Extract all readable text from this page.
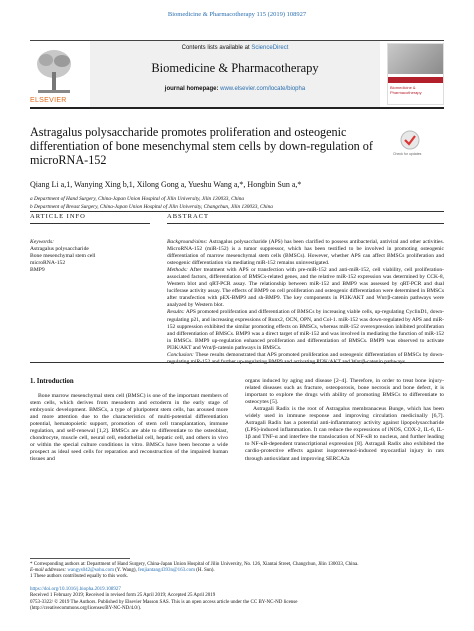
Biomedicine & Pharmacotherapy 115 (2019) 108927
ELSEVIER
Contents lists available at ScienceDirect
Biomedicine & Pharmacotherapy
journal homepage: www.elsevier.com/locate/biopha	Biomedicine & Pharmacotherapy
Astragalus polysaccharide promotes proliferation and osteogenic differentiation of bone mesenchymal stem cells by down-regulation of microRNA-152	Check for updates
Qiang Li a,1, Wanying Xing b,1, Xilong Gong a, Yueshu Wang a,*, Hongbin Sun a,*
a Department of Hand Surgery, China-Japan Union Hospital of Jilin University, Jilin 130033, China
b Department of Breast Surgery, China-Japan Union Hospital of Jilin University, Changchun, Jilin 130033, China
ARTICLE INFO	ABSTRACT
Keywords:
Astragalus polysaccharide
Bone mesenchymal stem cell
microRNA-152
BMP9

Background/aims: Astragalus polysaccharide (APS) has been clarified to possess antibacterial, antiviral and other activities. MicroRNA-152 (miR-152) is a tumor suppressor, which has been testified to be involved in promoting osteogenic differentiation of marrow mesenchymal stem cells (BMSCs). However, whether APS can affect BMSCs proliferation and osteogenic differentiation via mediating miR-152 remains uninvestigated.

Methods: After treatment with APS or transfection with pre-miR-152 and anti-miR-152, cell viability, cell proliferation-associated factors, differentiation of BMSCs-related genes, and the relative miR-152 expression was determined by CCK-8, Western blot and qRT-PCR assay. The relationship between miR-152 and BMP9 was assessed by qRT-PCR and dual luciferase activity assay. The effects of BMP9 on cell proliferation and osteogenic differentiation were determined in BMSCs after transfection with pEX-BMP9 and sh-BMP9. The key components in PI3K/AKT and Wnt/β-catenin pathways were analyzed by Western blot.

Results: APS promoted proliferation and differentiation of BMSCs by increasing viable cells, up-regulating CyclinD1, down-regulating p21, and increasing expressions of Runx2, OCN, OPN, and Col-1. miR-152 was down-regulated by APS and miR-152 suppression exhibited the similar promoting effects on BMSCs, whereas miR-152 overexpression inhibited proliferation and differentiation of BMSCs. BMP9 was a direct target of miR-152 and was involved in mediating the function of miR-152 in BMSCs. BMP9 up-regulation enhanced proliferation and differentiation of BMSCs. BMP9 was observed to activate PI3K/AKT and Wnt/β-catenin pathways in BMSCs.

Conclusion: These results demonstrated that APS promoted proliferation and osteogenic differentiation of BMSCs by down-regulating miR-152 and further up-regulating BMP9 and activating PI3K/AKT and Wnt/β-catenin pathways.

1. Introduction
Bone marrow mesenchymal stem cell (BMSC) is one of the important members of stem cells, which derives from mesoderm and ectoderm in the early stage of embryonic development. BMSCs, a type of pluripotent stem cells, has aroused more and more attention due to the characteristics of multi-potential differentiation potential, hematopoietic support, promotion of stem cell transplantation, immune regulation, and self-renewal [1,2]. BMSCs are able to differentiate to the osteoblast, chondrocyte, muscle cell, neural cell, endothelial cell, hepatic cell, and others in vivo or within the special culture conditions in vitro. BMSCs have been become a wide prospect as ideal seed cells for reparation and reconstruction of the impaired human tissues and

organs induced by aging and disease [2–4]. Therefore, in order to treat bone injury-related diseases such as fracture, osteoporosis, bone necrosis and bone defect, it is important to explore the drugs with ability of promoting BMSCs to differentiate to osteocytes [5].

Astragali Radix is the root of Astragalus membranaceus Bunge, which has been widely used in immune response and improving circulation medicinally [6,7]. Astragali Radix has a potential anti-inflammatory activity against lipopolysaccharide (LPS)-induced inflammation. It can reduce the expressions of iNOS, COX-2, IL-6, IL-1β and TNF-α and interfere the translocation of NF-κB to nucleus, and further leading to NF-κB-dependent transcriptional expression [8]. Astragali Radix also exhibited the cardio-protective effects against isoproterenol-induced myocardial injury in rats through antioxidant and improving SERCA2a

* Corresponding authors at: Department of Hand Surgery, China-Japan Union Hospital of Jilin University, No. 126, Xiantai Street, Changchun, Jilin 130033, China.

E-mail addresses: wangys042@sohu.com (Y. Wang), fenjiantang4393n@163.com (H. Sun).

1 These authors contributed equally to this work.

https://doi.org/10.1016/j.biopha.2019.108927
Received 1 February 2019; Received in revised form 25 April 2019; Accepted 25 April 2019
0753-3322/ © 2019 The Authors. Published by Elsevier Masson SAS. This is an open access article under the CC BY-NC-ND license
(http://creativecommons.org/licenses/BY-NC-ND/4.0/).
